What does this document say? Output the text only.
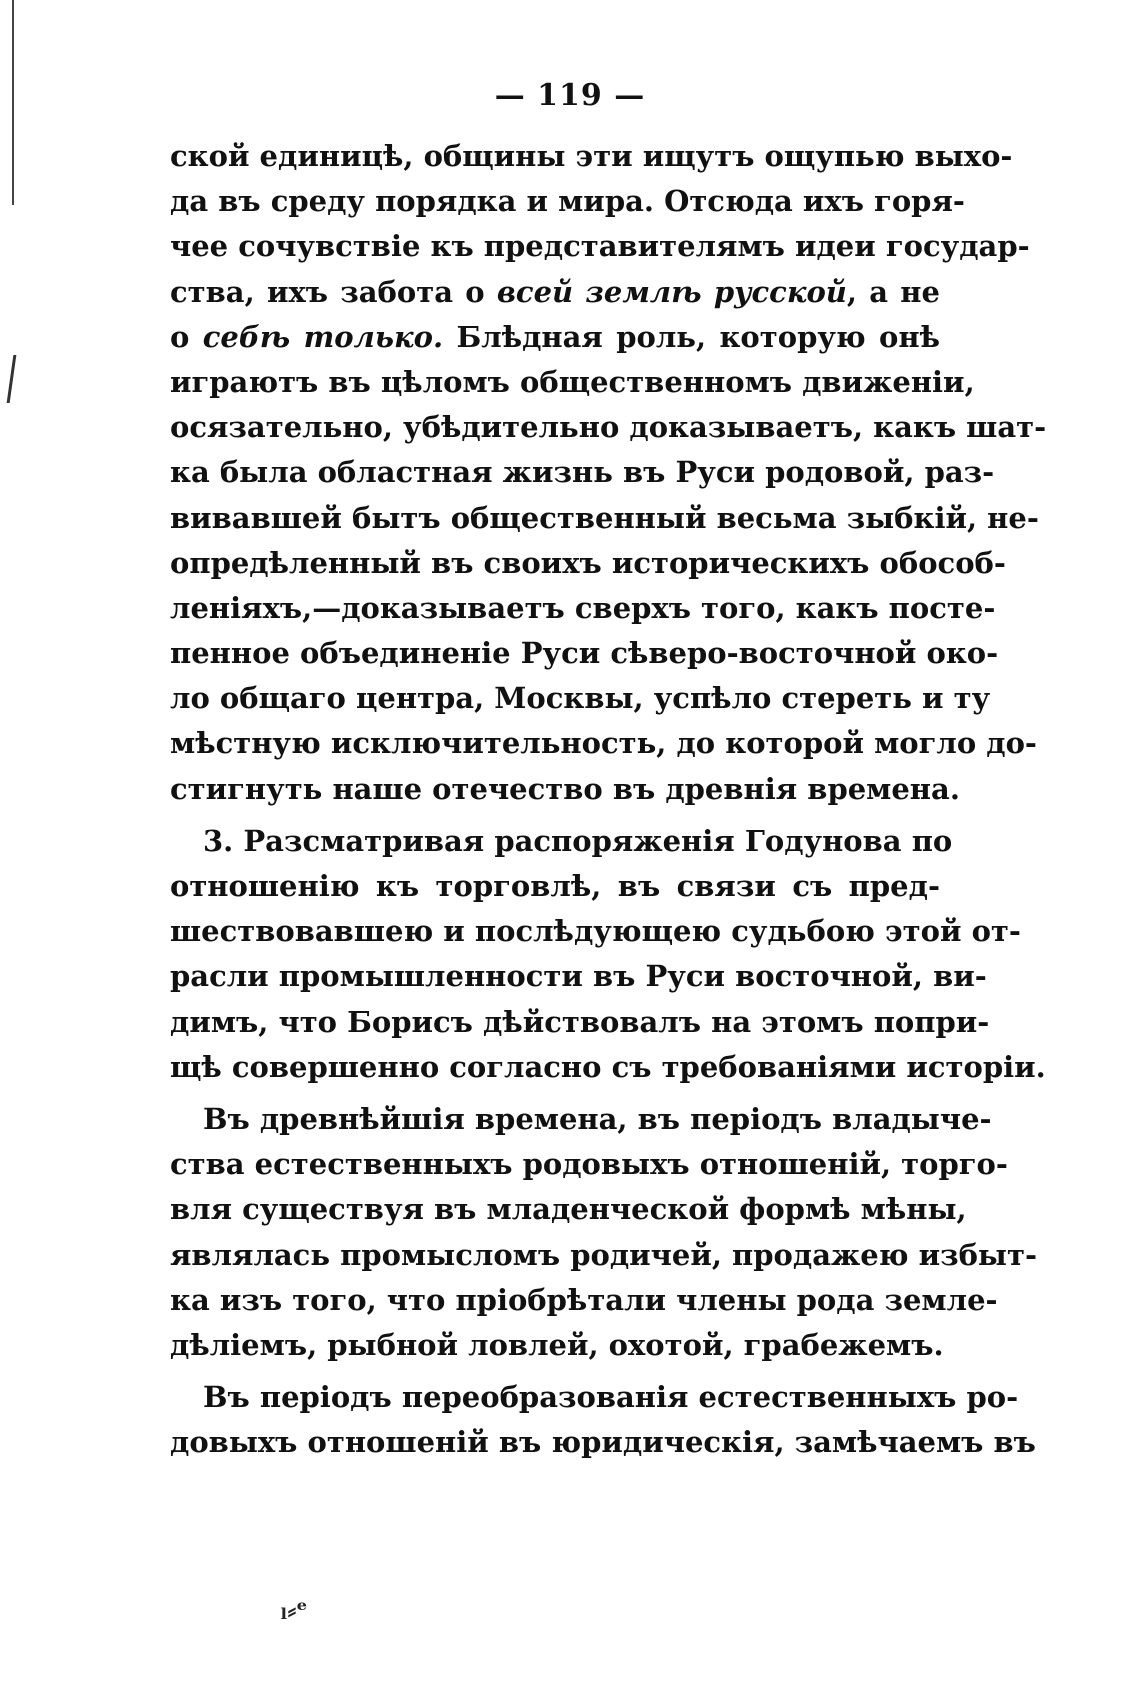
— 119 —
ской единицѣ, общины эти ищутъ ощупью выхо-
да въ среду порядка и мира. Отсюда ихъ горя-
чее сочувствіе къ представителямъ идеи государ-
ства, ихъ забота о всей землѣ русской, а не
о себѣ только. Блѣдная роль, которую онѣ
играютъ въ цѣломъ общественномъ движеніи,
осязательно, убѣдительно доказываетъ, какъ шат-
ка была областная жизнь въ Руси родовой, раз-
вивавшей бытъ общественный весьма зыбкій, не-
опредѣленный въ своихъ историческихъ обособ-
леніяхъ,—доказываетъ сверхъ того, какъ посте-
пенное объединеніе Руси сѣверо-восточной око-
ло общаго центра, Москвы, успѣло стереть и ту
мѣстную исключительность, до которой могло до-
стигнуть наше отечество въ древнія времена.
3. Разсматривая распоряженія Годунова по
отношенію къ торговлѣ, въ связи съ пред-
шествовавшею и послѣдующею судьбою этой от-
расли промышленности въ Руси восточной, ви-
димъ, что Борисъ дѣйствовалъ на этомъ попри-
щѣ совершенно согласно съ требованіями исторіи.
Въ древнѣйшія времена, въ періодъ владыче-
ства естественныхъ родовыхъ отношеній, торго-
вля существуя въ младенческой формѣ мѣны,
являлась промысломъ родичей, продажею избыт-
ка изъ того, что пріобрѣтали члены рода земле-
дѣліемъ, рыбной ловлей, охотой, грабежемъ.
Въ періодъ переобразованія естественныхъ ро-
довыхъ отношеній въ юридическія, замѣчаемъ въ
ₗ⸗ᵉ
